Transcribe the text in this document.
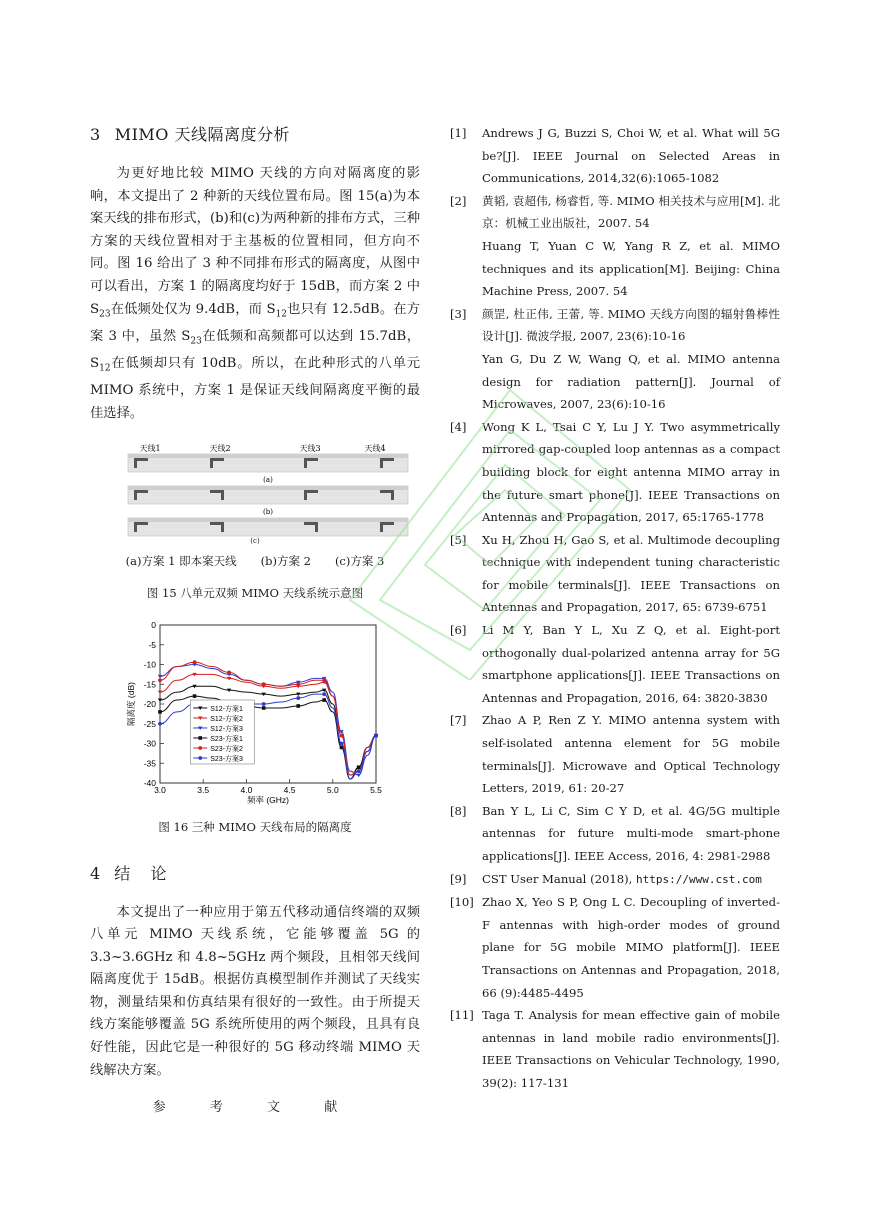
3 MIMO 天线隔离度分析

为更好地比较 MIMO 天线的方向对隔离度的影响，本文提出了 2 种新的天线位置布局。图 15(a)为本案天线的排布形式，(b)和(c)为两种新的排布方式，三种方案的天线位置相对于主基板的位置相同，但方向不同。图 16 给出了 3 种不同排布形式的隔离度，从图中可以看出，方案 1 的隔离度均好于 15dB，而方案 2 中 $S_{23}$在低频处仅为 9.4dB，而 $S_{12}$也只有 12.5dB。在方案 3 中，虽然 $S_{23}$在低频和高频都可以达到 15.7dB，$S_{12}$在低频却只有 10dB。所以，在此种形式的八单元 MIMO 系统中，方案 1 是保证天线间隔离度平衡的最佳选择。

天线1	天线2	天线3	天线4
(a)
(b)
(c)
(a)方案 1 即本案天线 (b)方案 2 (c)方案 3
图 15 八单元双频 MIMO 天线系统示意图
0
-5
-10
-15
-20
-25
-30
-35
-40
3.0	3.5	4.0	4.5	5.0	5.5
频率 (GHz)
隔离度 (dB)	S12-方案1
S12-方案2
S12-方案3
S23-方案1
S23-方案2
S23-方案3
图 16 三种 MIMO 天线布局的隔离度
4 结    论

本文提出了一种应用于第五代移动通信终端的双频八单元 MIMO 天线系统，它能够覆盖 5G 的 3.3~3.6GHz 和 4.8~5GHz 两个频段，且相邻天线间隔离度优于 15dB。根据仿真模型制作并测试了天线实物，测量结果和仿真结果有很好的一致性。由于所提天线方案能够覆盖 5G 系统所使用的两个频段，且具有良好性能，因此它是一种很好的 5G 移动终端 MIMO 天线解决方案。

参 考 文 献
[1]	Andrews J G, Buzzi S, Choi W, et al. What will 5G be?[J]. IEEE Journal on Selected Areas in Communications, 2014,32(6):1065-1082
[2]	黄韬, 袁超伟, 杨睿哲, 等. MIMO 相关技术与应用[M]. 北京：机械工业出版社，2007. 54
Huang T, Yuan C W, Yang R Z, et al. MIMO techniques and its application[M]. Beijing: China Machine Press, 2007. 54
[3]	颜罡, 杜正伟, 王蕾, 等. MIMO 天线方向图的辐射鲁棒性设计[J]. 微波学报, 2007, 23(6):10-16
Yan G, Du Z W, Wang Q, et al. MIMO antenna design for radiation pattern[J]. Journal of Microwaves, 2007, 23(6):10-16
[4]	Wong K L, Tsai C Y, Lu J Y. Two asymmetrically mirrored gap-coupled loop antennas as a compact building block for eight antenna MIMO array in the future smart phone[J]. IEEE Transactions on Antennas and Propagation, 2017, 65:1765-1778
[5]	Xu H, Zhou H, Gao S, et al. Multimode decoupling technique with independent tuning characteristic for mobile terminals[J]. IEEE Transactions on Antennas and Propagation, 2017, 65: 6739-6751
[6]	Li M Y, Ban Y L, Xu Z Q, et al. Eight-port orthogonally dual-polarized antenna array for 5G smartphone applications[J]. IEEE Transactions on Antennas and Propagation, 2016, 64: 3820-3830
[7]	Zhao A P, Ren Z Y. MIMO antenna system with self-isolated antenna element for 5G mobile terminals[J]. Microwave and Optical Technology Letters, 2019, 61: 20-27
[8]	Ban Y L, Li C, Sim C Y D, et al. 4G/5G multiple antennas for future multi-mode smart-phone applications[J]. IEEE Access, 2016, 4: 2981-2988
[9]	CST User Manual (2018), https://www.cst.com
[10] Zhao X, Yeo S P, Ong L C. Decoupling of inverted-F antennas with high-order modes of ground plane for 5G mobile MIMO platform[J]. IEEE Transactions on Antennas and Propagation, 2018, 66 (9):4485-4495
[11] Taga T. Analysis for mean effective gain of mobile antennas in land mobile radio environments[J]. IEEE Transactions on Vehicular Technology, 1990, 39(2): 117-131
